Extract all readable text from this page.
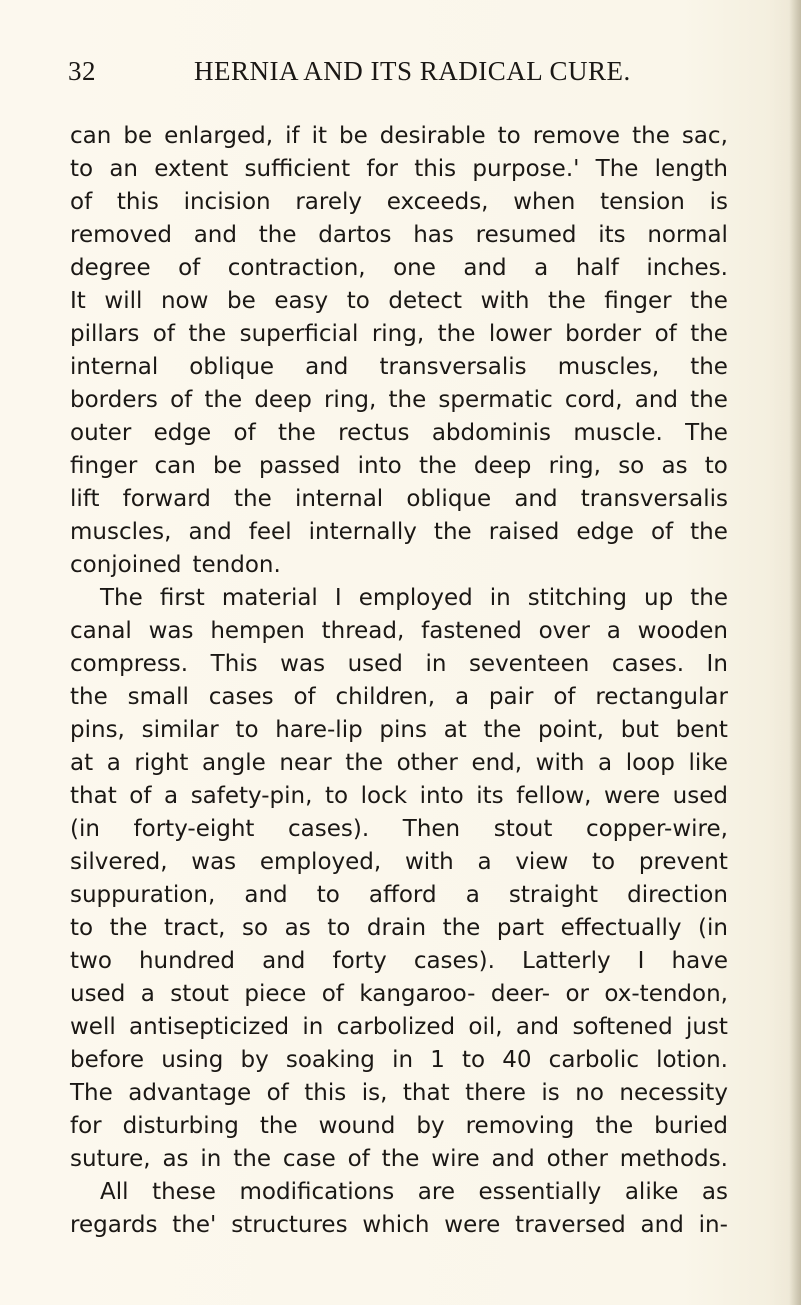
32	HERNIA AND ITS RADICAL CURE.
can be enlarged, if it be desirable to remove the sac,
to an extent sufficient for this purpose.' The length
of this incision rarely exceeds, when tension is
removed and the dartos has resumed its normal
degree of contraction, one and a half inches.
It will now be easy to detect with the finger the
pillars of the superficial ring, the lower border of the
internal oblique and transversalis muscles, the
borders of the deep ring, the spermatic cord, and the
outer edge of the rectus abdominis muscle. The
finger can be passed into the deep ring, so as to
lift forward the internal oblique and transversalis
muscles, and feel internally the raised edge of the
conjoined tendon.
The first material I employed in stitching up the
canal was hempen thread, fastened over a wooden
compress. This was used in seventeen cases. In
the small cases of children, a pair of rectangular
pins, similar to hare-lip pins at the point, but bent
at a right angle near the other end, with a loop like
that of a safety-pin, to lock into its fellow, were used
(in forty-eight cases). Then stout copper-wire,
silvered, was employed, with a view to prevent
suppuration, and to afford a straight direction
to the tract, so as to drain the part effectually (in
two hundred and forty cases). Latterly I have
used a stout piece of kangaroo- deer- or ox-tendon,
well antisepticized in carbolized oil, and softened just
before using by soaking in 1 to 40 carbolic lotion.
The advantage of this is, that there is no necessity
for disturbing the wound by removing the buried
suture, as in the case of the wire and other methods.
All these modifications are essentially alike as
regards the' structures which were traversed and in-
